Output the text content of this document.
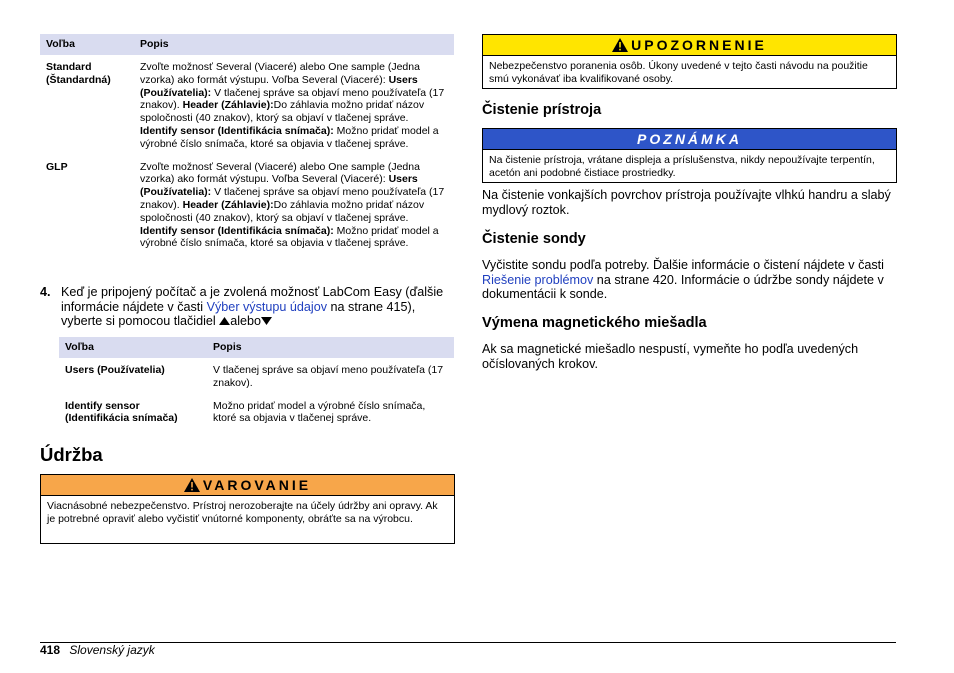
Voľba	Popis
Standard (Štandardná)	Zvoľte možnosť Several (Viaceré) alebo One sample (Jedna vzorka) ako formát výstupu. Voľba Several (Viaceré): Users (Používatelia): V tlačenej správe sa objaví meno používateľa (17 znakov). Header (Záhlavie):Do záhlavia možno pridať názov spoločnosti (40 znakov), ktorý sa objaví v tlačenej správe. Identify sensor (Identifikácia snímača): Možno pridať model a výrobné číslo snímača, ktoré sa objavia v tlačenej správe.
GLP	Zvoľte možnosť Several (Viaceré) alebo One sample (Jedna vzorka) ako formát výstupu. Voľba Several (Viaceré): Users (Používatelia): V tlačenej správe sa objaví meno používateľa (17 znakov). Header (Záhlavie):Do záhlavia možno pridať názov spoločnosti (40 znakov), ktorý sa objaví v tlačenej správe. Identify sensor (Identifikácia snímača): Možno pridať model a výrobné číslo snímača, ktoré sa objavia v tlačenej správe.
4. Keď je pripojený počítač a je zvolená možnosť LabCom Easy (ďalšie informácie nájdete v časti Výber výstupu údajov na strane 415), vyberte si pomocou tlačidiel alebo
Voľba	Popis
Users (Používatelia)	V tlačenej správe sa objaví meno používateľa (17 znakov).
Identify sensor (Identifikácia snímača)	Možno pridať model a výrobné číslo snímača, ktoré sa objavia v tlačenej správe.
Údržba
VAROVANIE
Viacnásobné nebezpečenstvo. Prístroj nerozoberajte na účely údržby ani opravy. Ak je potrebné opraviť alebo vyčistiť vnútorné komponenty, obráťte sa na výrobcu.
UPOZORNENIE
Nebezpečenstvo poranenia osôb. Úkony uvedené v tejto časti návodu na použitie smú vykonávať iba kvalifikované osoby.
Čistenie prístroja
POZNÁMKA
Na čistenie prístroja, vrátane displeja a príslušenstva, nikdy nepoužívajte terpentín, acetón ani podobné čistiace prostriedky.
Na čistenie vonkajších povrchov prístroja používajte vlhkú handru a slabý mydlový roztok.
Čistenie sondy
Vyčistite sondu podľa potreby. Ďalšie informácie o čistení nájdete v časti Riešenie problémov na strane 420. Informácie o údržbe sondy nájdete v dokumentácii k sonde.
Výmena magnetického miešadla
Ak sa magnetické miešadlo nespustí, vymeňte ho podľa uvedených očíslovaných krokov.
418 Slovenský jazyk
